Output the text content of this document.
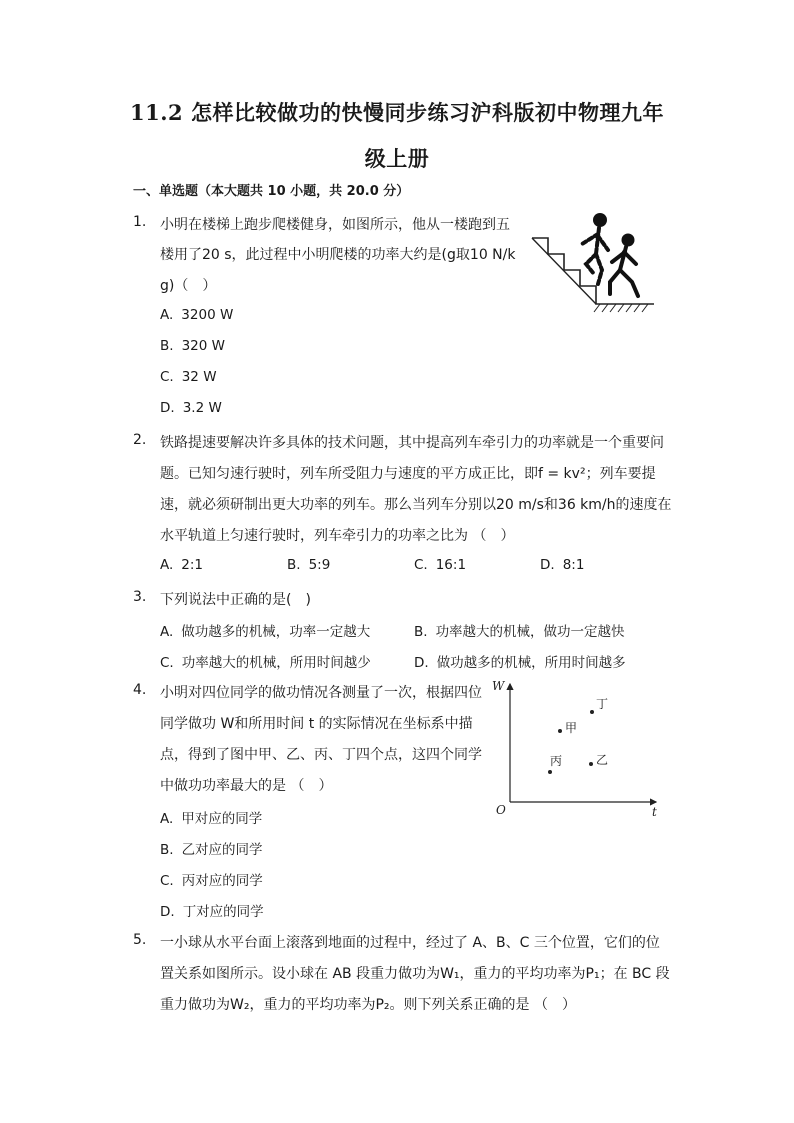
11.2 怎样比较做功的快慢同步练习沪科版初中物理九年
级上册
一、单选题（本大题共 10 小题，共 20.0 分）
1. 小明在楼梯上跑步爬楼健身，如图所示，他从一楼跑到五
楼用了20 s，此过程中小明爬楼的功率大约是(g取10 N/k
g)（　）
A. 3200 W
B. 320 W
C. 32 W
D. 3.2 W
2. 铁路提速要解决许多具体的技术问题，其中提高列车牵引力的功率就是一个重要问
题。已知匀速行驶时，列车所受阻力与速度的平方成正比，即f = kv²；列车要提
速，就必须研制出更大功率的列车。那么当列车分别以20 m/s和36 km/h的速度在
水平轨道上匀速行驶时，列车牵引力的功率之比为 （　）
A. 2:1	B. 5:9	C. 16:1	D. 8:1
3. 下列说法中正确的是(　)
A. 做功越多的机械，功率一定越大	B. 功率越大的机械，做功一定越快
C. 功率越大的机械，所用时间越少	D. 做功越多的机械，所用时间越多
4. 小明对四位同学的做功情况各测量了一次，根据四位
同学做功 W和所用时间 t 的实际情况在坐标系中描
点，得到了图中甲、乙、丙、丁四个点，这四个同学
中做功功率最大的是 （　）
A. 甲对应的同学
B. 乙对应的同学
C. 丙对应的同学
D. 丁对应的同学
W
t
O
甲
乙
丙
丁
5. 一小球从水平台面上滚落到地面的过程中，经过了 A、B、C 三个位置，它们的位
置关系如图所示。设小球在 AB 段重力做功为W₁，重力的平均功率为P₁；在 BC 段
重力做功为W₂，重力的平均功率为P₂。则下列关系正确的是 （　）
